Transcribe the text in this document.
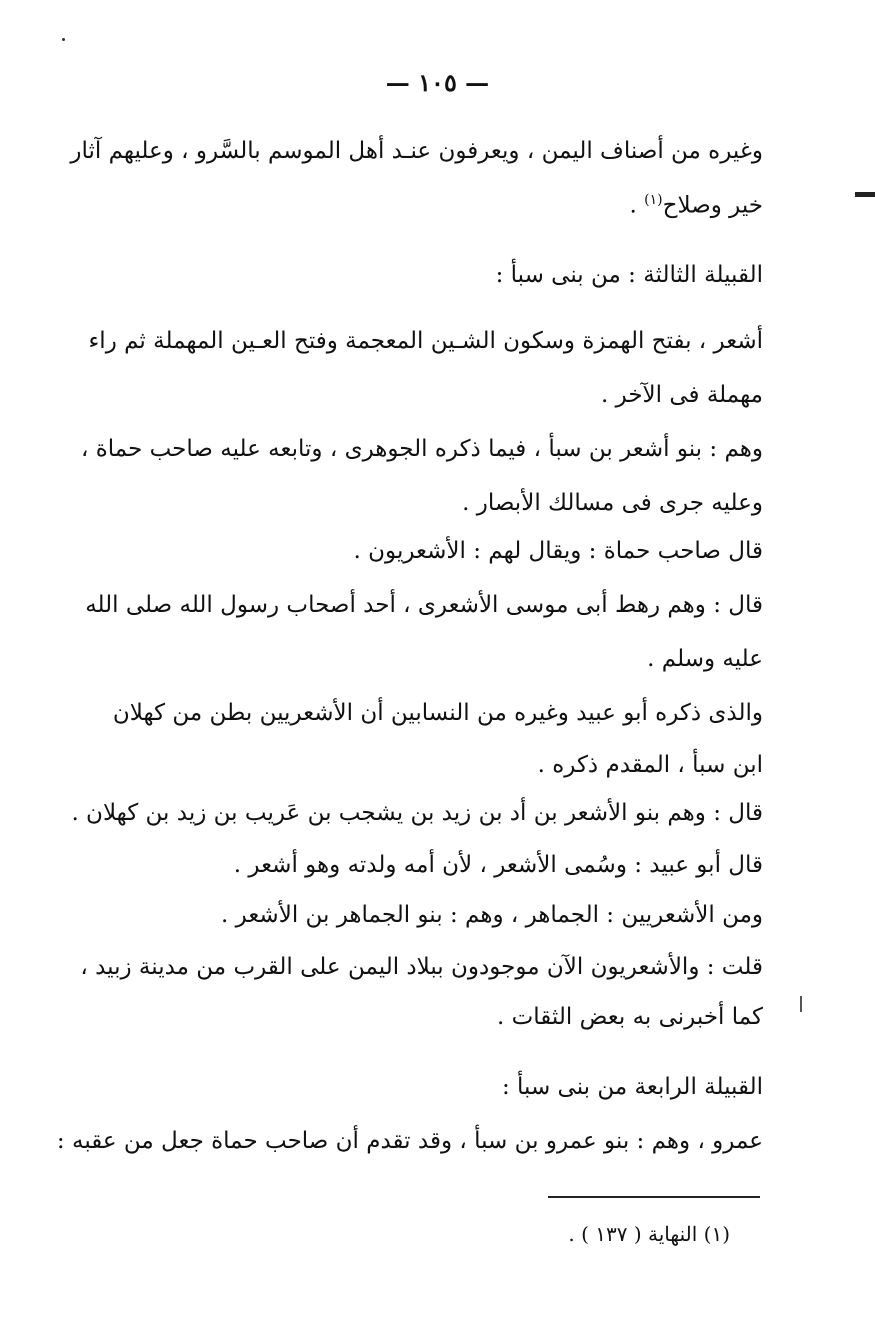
— ١٠٥ —
وغيره من أصناف اليمن ، ويعرفون عنـد أهل الموسم بالسَّرو ، وعليهم آثار
خير وصلاح$^{(١)}$ .
القبيلة الثالثة : من بنى سبأ :
أشعر ، بفتح الهمزة وسكون الشـين المعجمة وفتح العـين المهملة ثم راء
مهملة فى الآخر .
وهم : بنو أشعر بن سبأ ، فيما ذكره الجوهرى ، وتابعه عليه صاحب حماة ،
وعليه جرى فى مسالك الأبصار .
قال صاحب حماة : ويقال لهم : الأشعريون .
قال : وهم رهط أبى موسى الأشعرى ، أحد أصحاب رسول الله صلى الله
عليه وسلم .
والذى ذكره أبو عبيد وغيره من النسابين أن الأشعريين بطن من كهلان
ابن سبأ ، المقدم ذكره .
قال : وهم بنو الأشعر بن أد بن زيد بن يشجب بن عَريب بن زيد بن كهلان .
قال أبو عبيد : وسُمى الأشعر ، لأن أمه ولدته وهو أشعر .
ومن الأشعريين : الجماهر ، وهم : بنو الجماهر بن الأشعر .
قلت : والأشعريون الآن موجودون ببلاد اليمن على القرب من مدينة زبيد ،
كما أخبرنى به بعض الثقات .
القبيلة الرابعة من بنى سبأ :
عمرو ، وهم : بنو عمرو بن سبأ ، وقد تقدم أن صاحب حماة جعل من عقبه :
(١) النهاية ( ١٣٧ ) .
